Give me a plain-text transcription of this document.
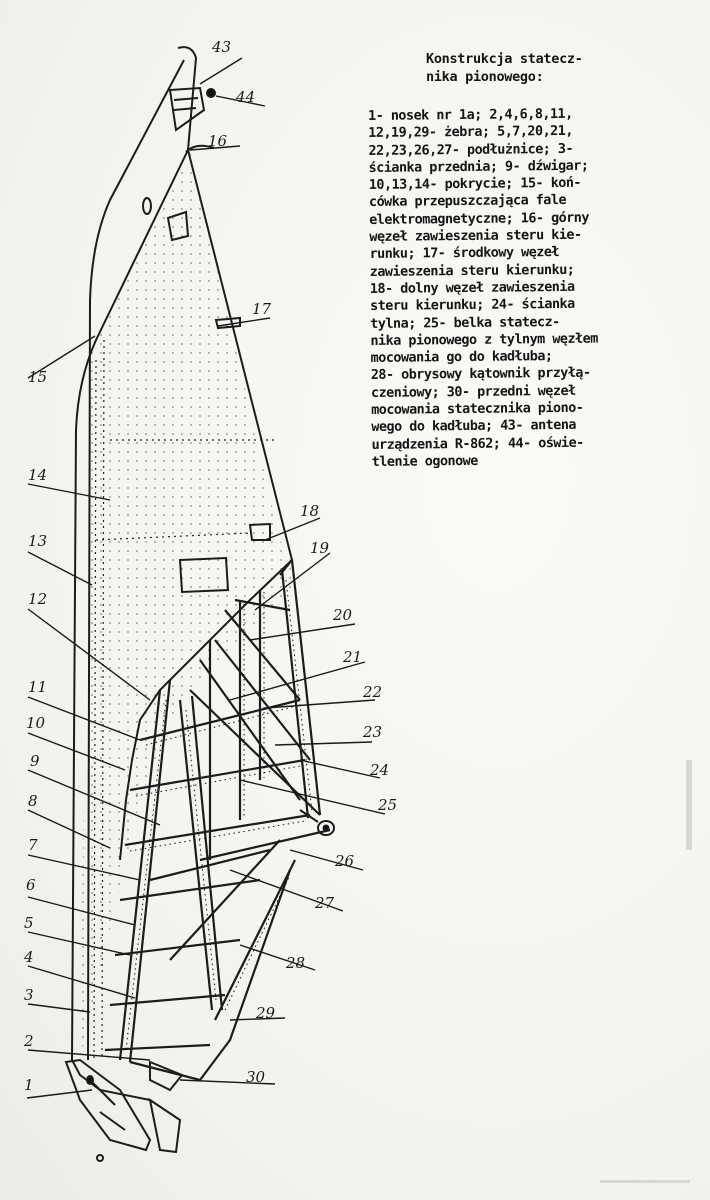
1
2
3
4
5
6
7
8
9
10
11
12
13
14
15
16
17
18
19
20
21
22
23
24
25
26
27
28
29
30
43
44
Konstrukcja statecz-
nika pionowego:
1- nosek nr 1a; 2,4,6,8,11,
12,19,29- żebra; 5,7,20,21,
22,23,26,27- podłużnice; 3-
ścianka przednia; 9- dźwigar;
10,13,14- pokrycie; 15- koń-
cówka przepuszczająca fale
elektromagnetyczne; 16- górny
węzeł zawieszenia steru kie-
runku; 17- środkowy węzeł
zawieszenia steru kierunku;
18- dolny węzeł zawieszenia
steru kierunku; 24- ścianka
tylna; 25- belka statecz-
nika pionowego z tylnym węzłem
mocowania go do kadłuba;
28- obrysowy kątownik przyłą-
czeniowy; 30- przedni węzeł
mocowania statecznika piono-
wego do kadłuba; 43- antena
urządzenia R-862; 44- oświe-
tlenie ogonowe
